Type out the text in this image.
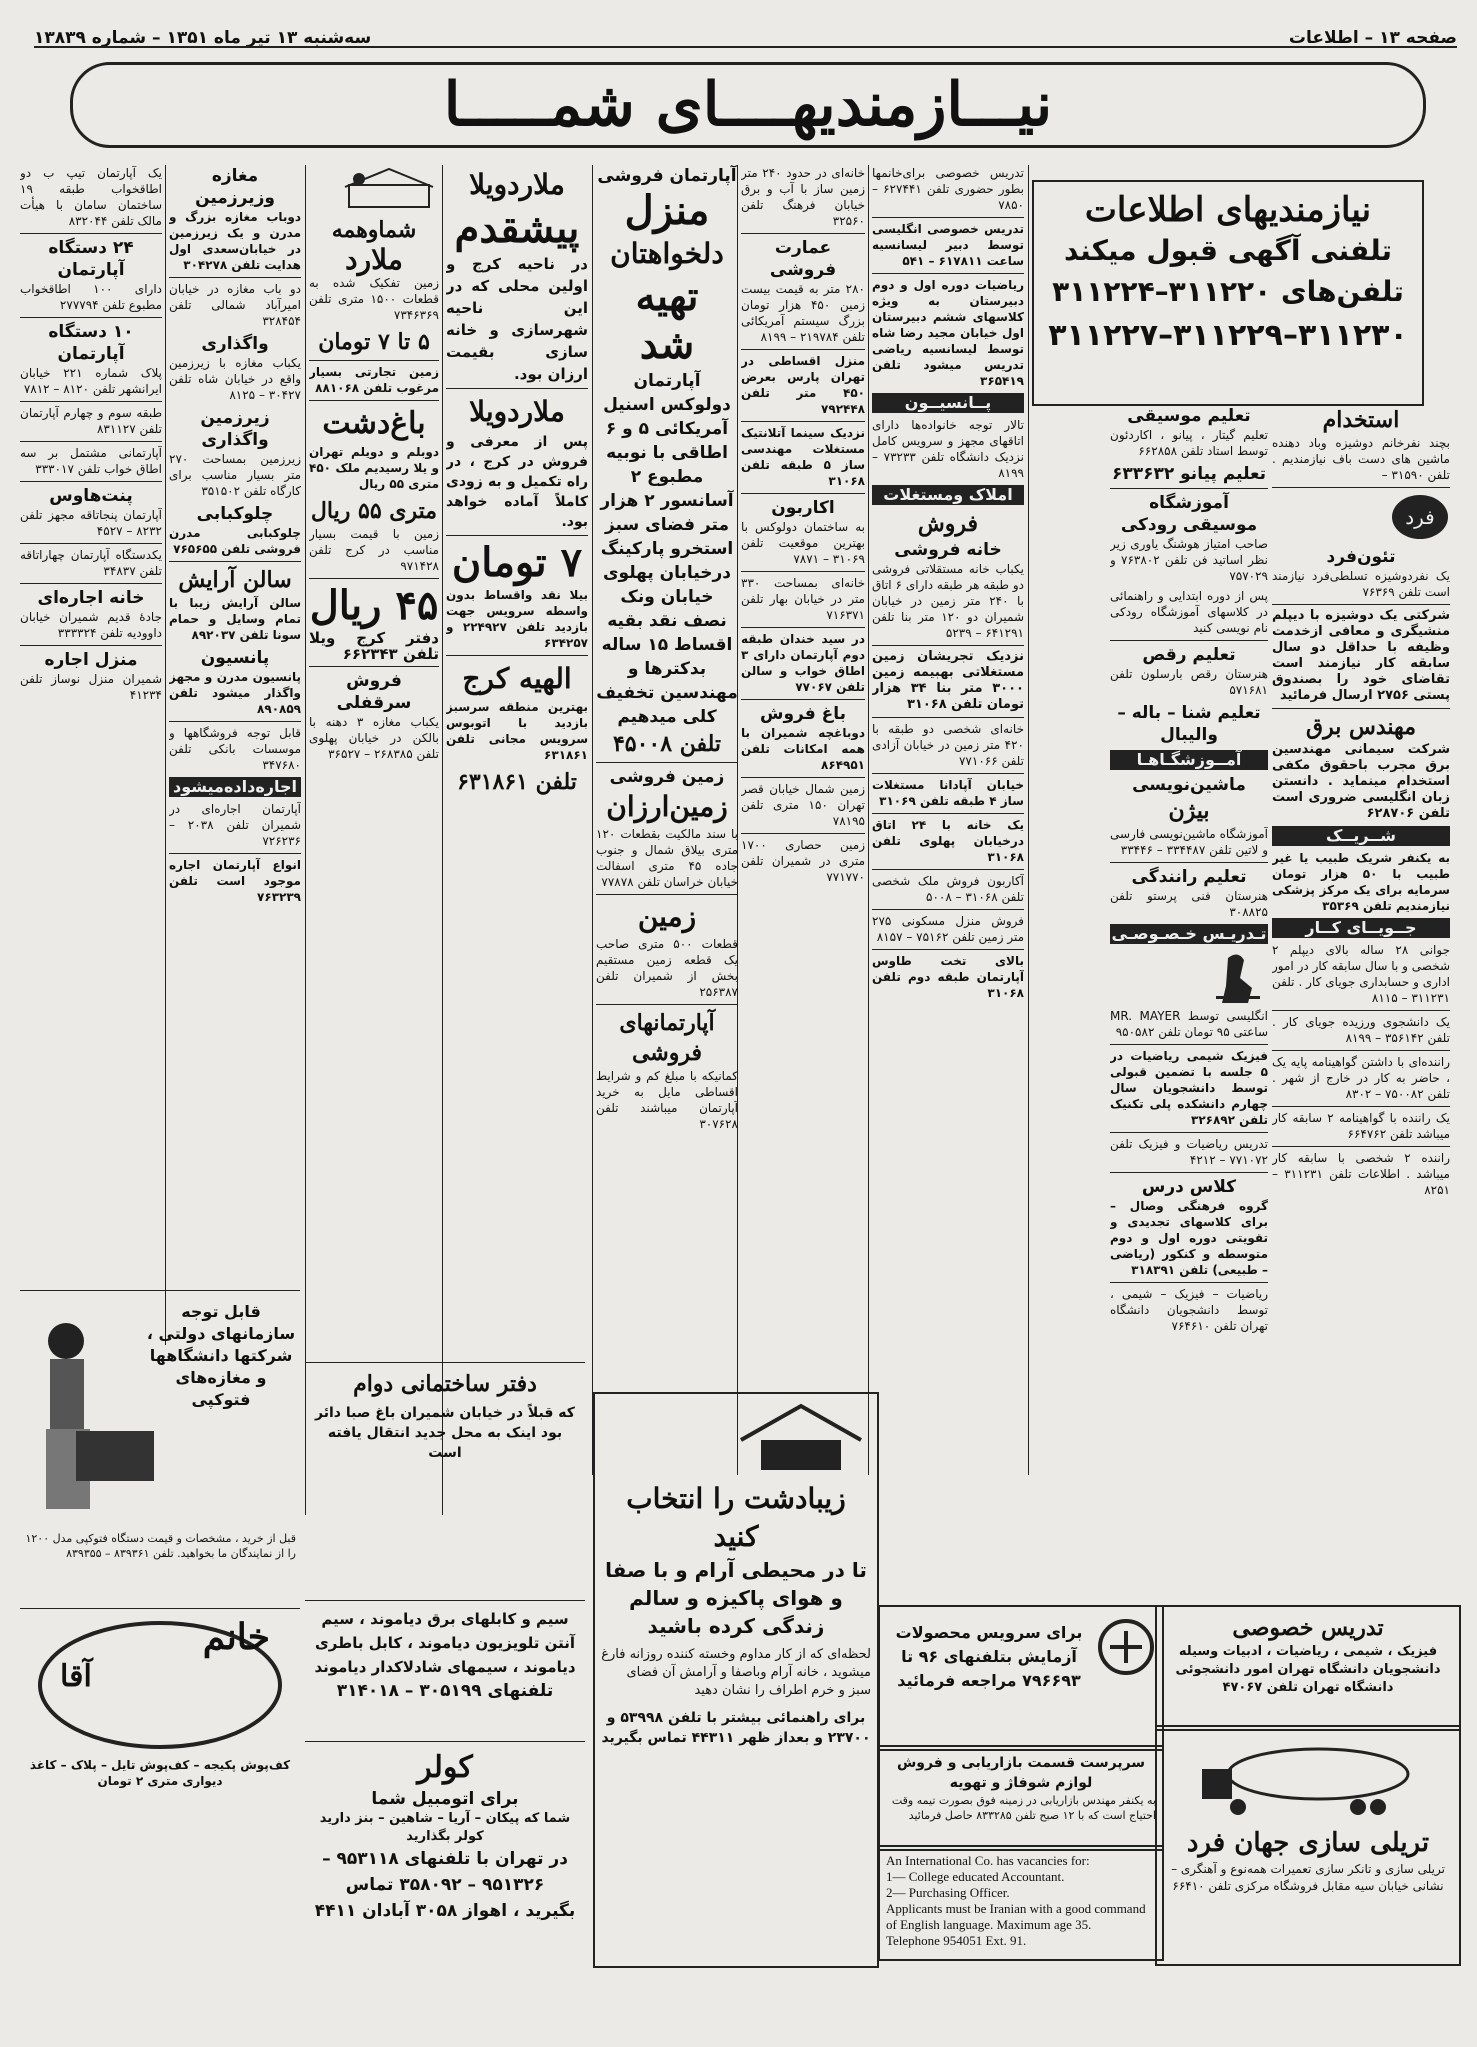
صفحه ۱۳ – اطلاعات
سه‌شنبه ۱۳ تیر ماه ۱۳۵۱ – شماره ۱۳۸۳۹
نیـــازمندیهــــای شمـــــا
نیازمندیهای اطلاعات
تلفنی آگهی قبول میکند
تلفن‌های ۳۱۱۲۲۰–۳۱۱۲۲۴
۳۱۱۲۳۰–۳۱۱۲۲۹–۳۱۱۲۲۷
استخدام
بچند نفرخانم دوشیزه وباد دهنده ماشین های دست باف نیازمندیم . تلفن ۳۱۵۹۰ –
فرد
تئون‌فرد
یک نفردوشیزه تسلطی‌فرد نیازمند است تلفن ۷۶۳۶۹
شرکتی یک دوشیزه با دیپلم منشیگری و معافی ازخدمت وظیفه با حداقل دو سال سابقه کار نیازمند است تقاضای خود را بصندوق پستی ۲۷۵۶ ارسال فرمائید
مهندس برق
شرکت سیمانی مهندسین برق مجرب باحقوق مکفی استخدام مینماید . دانستن زبان انگلیسی ضروری است تلفن ۶۲۸۷۰۶
شــریــک
به یکنفر شریک طبیب یا غیر طبیب با ۵۰ هزار تومان سرمایه برای یک مرکز پزشکی نیازمندیم تلفن ۳۵۳۶۹
جــویــای کــار
جوانی ۲۸ ساله بالای دیپلم ۲ شخصی و با سال سابقه کار در امور اداری و حسابداری جویای کار . تلفن ۳۱۱۲۳۱ – ۸۱۱۵
یک دانشجوی ورزیده جویای کار . تلفن ۳۵۶۱۴۲ – ۸۱۹۹
راننده‌ای با داشتن گواهینامه پایه یک ، حاضر به کار در خارج از شهر . تلفن ۷۵۰۰۸۲ – ۸۳۰۲
یک راننده با گواهینامه ۲ سابقه کار میباشد تلفن ۶۶۴۷۶۲
راننده ۲ شخصی با سابقه کار میباشد . اطلاعات تلفن ۳۱۱۲۳۱ – ۸۲۵۱
تعلیم موسیقی
تعلیم گیتار ، پیانو ، اکاردئون توسط استاد تلفن ۶۶۲۸۵۸
تعلیم پیانو ۶۳۳۶۳۲
آموزشگاه موسیقی رودکی
صاحب امتیاز هوشنگ یاوری زیر نظر اساتید فن تلفن ۷۶۳۸۰۲ و ۷۵۷۰۲۹
پس از دوره ابتدایی و راهنمائی در کلاسهای آموزشگاه رودکی نام نویسی کنید
تعلیم رقص
هنرستان رقص بارسلون تلفن ۵۷۱۶۸۱
تعلیم شنا – باله – والیبال
آمــوزشگـاهـا
ماشین‌نویسی
بیژن
آموزشگاه ماشین‌نویسی فارسی و لاتین تلفن ۳۳۴۴۸۷ – ۳۳۴۴۶
تعلیم رانندگی
هنرستان فنی پرستو تلفن ۳۰۸۸۲۵
تـدریـس خـصـوصـی
انگلیسی توسط MR. MAYER ساعتی ۹۵ تومان تلفن ۹۵۰۵۸۲
فیزیک شیمی ریاضیات در ۵ جلسه با تضمین قبولی توسط دانشجویان سال چهارم دانشکده پلی تکنیک تلفن ۳۲۶۸۹۲
تدریس ریاضیات و فیزیک تلفن ۷۷۱۰۷۲ – ۴۲۱۲
کلاس درس
گروه فرهنگی وصال – برای کلاسهای تجدیدی و تقویتی دوره اول و دوم متوسطه و کنکور (ریاضی – طبیعی) تلفن ۳۱۸۳۹۱
ریاضیات – فیزیک – شیمی ، توسط دانشجویان دانشگاه تهران تلفن ۷۶۴۶۱۰
تدریس خصوصی برای‌خانمها بطور حضوری تلفن ۶۲۷۴۴۱ – ۷۸۵۰
تدریس خصوصی انگلیسی توسط دبیر لیسانسیه ساعت ۶۱۷۸۱۱ – ۵۴۱
ریاضیات دوره اول و دوم دبیرستان به ویژه کلاسهای ششم دبیرستان اول خیابان مجید رضا شاه توسط لیسانسیه ریاضی تدریس میشود تلفن ۳۶۵۴۱۹
پــانسیــون
تالار توجه خانواده‌ها دارای اتاقهای مجهز و سرویس کامل نزدیک دانشگاه تلفن ۷۳۲۳۳ – ۸۱۹۹
املاک ومستغلات
فروش
خانه فروشی
یکباب خانه مستقلاتی فروشی دو طبقه هر طبقه دارای ۶ اتاق با ۲۴۰ متر زمین در خیابان شمیران دو ۱۲۰ متر بنا تلفن ۶۴۱۲۹۱ – ۵۲۳۹
نزدیک تجریشان زمین مستغلاتی بهبیمه زمین ۳۰۰۰ متر بنا ۳۴ هزار تومان تلفن ۳۱۰۶۸
خانه‌ای شخصی دو طبقه با ۴۲۰ متر زمین در خیابان آزادی تلفن ۷۷۱۰۶۶
خیابان آپادانا مستغلات ساز ۴ طبقه تلفن ۳۱۰۶۹
یک خانه با ۲۴ اتاق درخیابان پهلوی تلفن ۳۱۰۶۸
آکاربون فروش ملک شخصی تلفن ۳۱۰۶۸ – ۵۰۰۸
فروش منزل مسکونی ۲۷۵ متر زمین تلفن ۷۵۱۶۲ – ۸۱۵۷
بالای تخت طاوس آپارتمان طبقه دوم تلفن ۳۱۰۶۸
خانه‌ای در حدود ۲۴۰ متر زمین ساز با آب و برق خیابان فرهنگ تلفن ۳۲۵۶۰
عمارت فروشی
۲۸۰ متر به قیمت بیست زمین ۴۵۰ هزار تومان بزرگ سیستم آمریکائی تلفن ۲۱۹۷۸۴ – ۸۱۹۹
منزل اقساطی در تهران پارس بعرض ۴۵۰ متر تلفن ۷۹۲۴۴۸
نزدیک سینما آتلانتیک مستغلات مهندسی ساز ۵ طبقه تلفن ۳۱۰۶۸
اکاربون
به ساختمان دولوکس با بهترین موقعیت تلفن ۳۱۰۶۹ – ۷۸۷۱
خانه‌ای بمساحت ۳۳۰ متر در خیابان بهار تلفن ۷۱۶۳۷۱
در سید خندان طبقه دوم آپارتمان دارای ۳ اطاق خواب و سالن تلفن ۷۷۰۶۷
باغ فروش
دوباغچه شمیران با همه امکانات تلفن ۸۶۴۹۵۱
زمین شمال خیابان قصر تهران ۱۵۰ متری تلفن ۷۸۱۹۵
زمین حصاری ۱۷۰۰ متری در شمیران تلفن ۷۷۱۷۷۰
آپارتمان فروشی
منزل
دلخواهتان
تهیه
شد
آپارتمان دولوکس اسنیل آمریکائی ۵ و ۶ اطاقی با نوبیه مطبوع ۲ آسانسور ۲ هزار متر فضای سبز استخرو پارکینگ درخیابان پهلوی خیابان ونک نصف نقد بقیه اقساط ۱۵ ساله بدکترها و مهندسین تخفیف کلی میدهیم
تلفن ۴۵۰۰۸
زمین فروشی
زمین‌ارزان
با سند مالکیت بقطعات ۱۲۰ متری بیلاق شمال و جنوب جاده ۴۵ متری اسفالت خیابان خراسان تلفن ۷۷۸۷۸
زمین
قطعات ۵۰۰ متری صاحب یک قطعه زمین مستقیم بخش از شمیران تلفن ۲۵۶۳۸۷
آپارتمانهای فروشی
کمانیکه با مبلغ کم و شرایط اقساطی مایل به خرید آپارتمان میباشند تلفن ۳۰۷۶۲۸
ملاردویلا
پیشقدم
در ناحیه کرج و اولین محلی که در این ناحیه شهرسازی و خانه سازی بقیمت ارزان بود.
ملاردویلا
پس از معرفی و فروش در کرج ، در راه تکمیل و به زودی کاملاً آماده خواهد بود.
۷ تومان
بیلا نقد واقساط بدون واسطه سرویس جهت بازدید تلفن ۲۲۴۹۲۷ و ۶۳۴۲۵۷
الهیه کرج
بهترین منطقه سرسبز بازدید با اتوبوس سرویس مجانی تلفن ۶۳۱۸۶۱
تلفن ۶۳۱۸۶۱
شماوهمه
ملارد
زمین تفکیک شده به قطعات ۱۵۰۰ متری تلفن ۷۳۴۶۳۶۹
۵ تا ۷ تومان
زمین تجارتی بسیار مرغوب تلفن ۸۸۱۰۶۸
باغ‌دشت
دوبلم و دویلم تهران و یلا رسیدیم ملک ۴۵۰ متری ۵۵ ریال
متری ۵۵ ریال
زمین با قیمت بسیار مناسب در کرج تلفن ۹۷۱۴۲۸
۴۵ ریال
دفتر کرج ویلا تلفن ۶۶۲۳۴۳
فروش سرقفلی
یکباب مغازه ۳ دهنه با بالکن در خیابان پهلوی تلفن ۲۶۸۳۸۵ – ۳۶۵۲۷
مغازه وزیرزمین
دوباب مغازه بزرگ و مدرن و یک زیرزمین در خیابان‌سعدی اول هدایت تلفن ۳۰۴۲۷۸
دو باب مغازه در خیابان امیرآباد شمالی تلفن ۳۲۸۴۵۴
واگذاری
یکباب مغازه با زیرزمین واقع در خیابان شاه تلفن ۳۰۴۲۷ – ۸۱۲۵
زیرزمین واگذاری
زیرزمین بمساحت ۲۷۰ متر بسیار مناسب برای کارگاه تلفن ۳۵۱۵۰۲
چلوکبابی
چلوکبابی مدرن فروشی تلفن ۷۶۵۶۵۵
سالن آرایش
سالن آرایش زیبا با تمام وسایل و حمام سونا تلفن ۸۹۲۰۳۷
پانسیون
پانسیون مدرن و مجهز واگذار میشود تلفن ۸۹۰۸۵۹
قابل توجه فروشگاهها و موسسات بانکی تلفن ۳۴۷۶۸۰
اجاره‌داده‌میشود
آپارتمان اجاره‌ای در شمیران تلفن ۲۰۳۸ – ۷۲۶۲۳۶
انواع آپارتمان اجاره موجود است تلفن ۷۶۳۲۳۹
یک آپارتمان تیپ ب دو اطاقخواب طبقه ۱۹ ساختمان سامان با هیأت مالک تلفن ۸۳۲۰۴۴
۲۴ دستگاه آپارتمان
دارای ۱۰۰ اطاقخواب مطبوع تلفن ۲۷۷۷۹۴
۱۰ دستگاه آپارتمان
پلاک شماره ۲۲۱ خیابان ایرانشهر تلفن ۸۱۲۰ – ۷۸۱۲
طبقه سوم و چهارم آپارتمان تلفن ۸۳۱۱۲۷
آپارتمانی مشتمل بر سه اطاق خواب تلفن ۳۳۳۰۱۷
پنت‌هاوس
آپارتمان پنجاتاقه مجهز تلفن ۸۲۳۲ – ۴۵۲۷
یکدستگاه آپارتمان چهاراتاقه تلفن ۳۴۸۳۷
خانه اجاره‌ای
جادهٔ قدیم شمیران خیابان داوودیه تلفن ۳۳۳۳۲۴
منزل اجاره
شمیران منزل نوساز تلفن ۴۱۲۳۴
قابل توجه سازمانهای دولتی ، شرکتها دانشگاهها و مغازه‌های فتوکپی
قبل از خرید ، مشخصات و قیمت دستگاه فتوکپی مدل ۱۲۰۰ را از نمایندگان ما بخواهید. تلفن ۸۳۹۳۶۱ – ۸۳۹۳۵۵
خانم
آقا
کف‌پوش پکیجه – کف‌پوش تایل – پلاک – کاغذ دیواری متری ۲ تومان
دفتر ساختمانی دوام
که قبلاً در خیابان شمیران باغ صبا دائر بود اینک به محل جدید انتقال یافته است
سیم و کابلهای برق دیاموند ، سیم آنتن تلویزیون دیاموند ، کابل باطری دیاموند ، سیمهای شادلاکدار دیاموند
تلفنهای ۳۰۵۱۹۹ – ۳۱۴۰۱۸
کولر
برای اتومبیل شما
شما که پیکان – آریا – شاهین – بنز دارید کولر بگذارید
در تهران با تلفنهای ۹۵۳۱۱۸ – ۹۵۱۳۲۶ – ۳۵۸۰۹۲ تماس
بگیرید ، اهواز ۳۰۵۸ آبادان ۴۴۱۱
زیبادشت‌ را انتخاب کنید
تا در محیطی آرام و با صفا و هوای پاکیزه و سالم زندگی کرده باشید
لحظه‌ای که از کار مداوم وخسته کننده روزانه فارغ میشوید ، خانه آرام وباصفا و آرامش آن فضای سبز و خرم اطراف را نشان دهید
برای راهنمائی بیشتر با تلفن ۵۳۹۹۸ و ۲۳۷۰۰ و بعداز ظهر ۴۴۳۱۱ تماس بگیرید
برای سرویس محصولات آزمایش بتلفنهای ۹۶ تا ۷۹۶۶۹۳ مراجعه فرمائید
سرپرست قسمت بازاریابی و فروش لوازم شوفاژ و تهویه
به یکنفر مهندس بازاریابی در زمینه فوق بصورت تیمه وقت احتیاج است که با ۱۲ صبح تلفن ۸۳۳۲۸۵ حاصل فرمائید
An International Co. has vacancies for:
1— College educated Accountant.
2— Purchasing Officer.
Applicants must be Iranian with a good command of English language. Maximum age 35.
Telephone 954051 Ext. 91.
تدریس خصوصی
فیزیک ، شیمی ، ریاضیات ، ادبیات وسیله دانشجویان دانشگاه تهران امور دانشجوئی دانشگاه تهران تلفن ۴۷۰۶۷
تریلی سازی جهان فرد
تریلی سازی و تانکر سازی تعمیرات همه‌نوع و آهنگری – نشانی خیابان سیه مقابل فروشگاه مرکزی تلفن ۶۶۴۱۰
